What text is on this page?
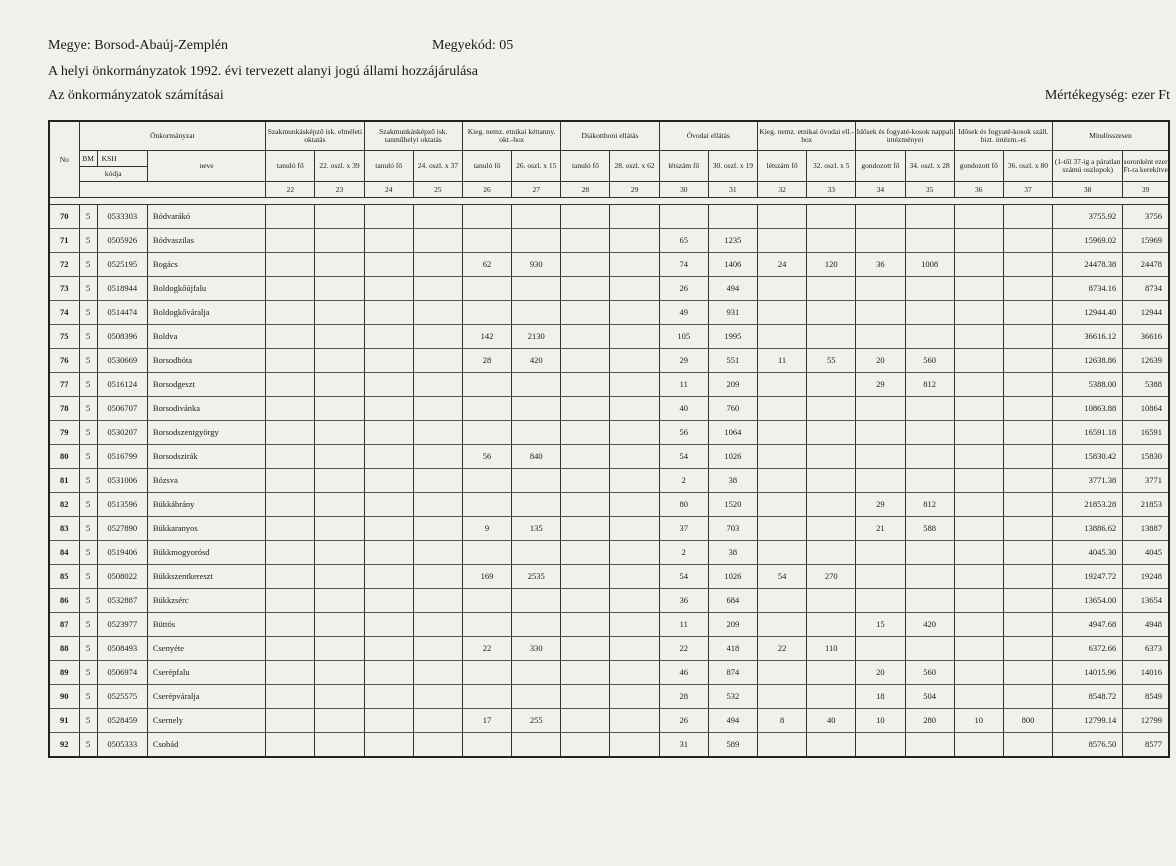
Megye: Borsod-Abaúj-Zemplén	Megyekód: 05
A helyi önkormányzatok 1992. évi tervezett alanyi jogú állami hozzájárulása
Az önkormányzatok számításai	Mértékegység: ezer Ft
No	Önkormányzat			Szakmunkásképző isk. elméleti oktatás		Szakmunkásképző isk. tanműhelyi oktatás		Kieg. nemz. etnikai kéttanny. okt.-hoz		Diákotthoni ellátás		Óvodai ellátás		Kieg. nemz. etnikai óvodai ell.-hoz		Idősek és fogyaté-kosok nappali intézményei		Idősek és fogyaté-kosok száll. bizt. intézm.-ei		Mindösszesen	
	BM	KSH	neve	tanuló fő	22. oszl. x 39	tanuló fő	24. oszl. x 37	tanuló fő	26. oszl. x 15	tanuló fő	28. oszl. x 62	létszám fő	30. oszl. x 19	létszám fő	32. oszl. x 5	gondozott fő	34. oszl. x 28	gondozott fő	36. oszl. x 80	(1-től 37-ig a páratlan számú oszlopok)	soronként ezer Ft-ra kerekítve
	kódja																				
				22	23	24	25	26	27	28	29	30	31	32	33	34	35	36	37	38	39

70	5	0533303	Bódvarákó																	3755.92	3756
71	5	0505926	Bódvaszilas									65	1235							15969.02	15969
72	5	0525195	Bogács					62	930			74	1406	24	120	36	1008			24478.38	24478
73	5	0518944	Boldogkőújfalu									26	494							8734.16	8734
74	5	0514474	Boldogkőváralja									49	931							12944.40	12944
75	5	0508396	Boldva					142	2130			105	1995							36616.12	36616
76	5	0530669	Borsodbóta					28	420			29	551	11	55	20	560			12638.86	12639
77	5	0516124	Borsodgeszt									11	209			29	812			5388.00	5388
78	5	0506707	Borsodivánka									40	760							10863.88	10864
79	5	0530207	Borsodszentgyörgy									56	1064							16591.18	16591
80	5	0516799	Borsodszirák					56	840			54	1026							15830.42	15830
81	5	0531006	Bózsva									2	38							3771.38	3771
82	5	0513596	Bükkábrány									80	1520			29	812			21853.28	21853
83	5	0527890	Bükkaranyos					9	135			37	703			21	588			13886.62	13887
84	5	0519406	Bükkmogyorósd									2	38							4045.30	4045
85	5	0508022	Bükkszentkereszt					169	2535			54	1026	54	270					19247.72	19248
86	5	0532887	Bükkzsérc									36	684							13654.00	13654
87	5	0523977	Büttös									11	209			15	420			4947.68	4948
88	5	0508493	Csenyéte					22	330			22	418	22	110					6372.66	6373
89	5	0506974	Cserépfalu									46	874			20	560			14015.96	14016
90	5	0525575	Cserépváralja									28	532			18	504			8548.72	8549
91	5	0528459	Csernely					17	255			26	494	8	40	10	280	10	800	12799.14	12799
92	5	0505333	Csobád									31	589							8576.50	8577
